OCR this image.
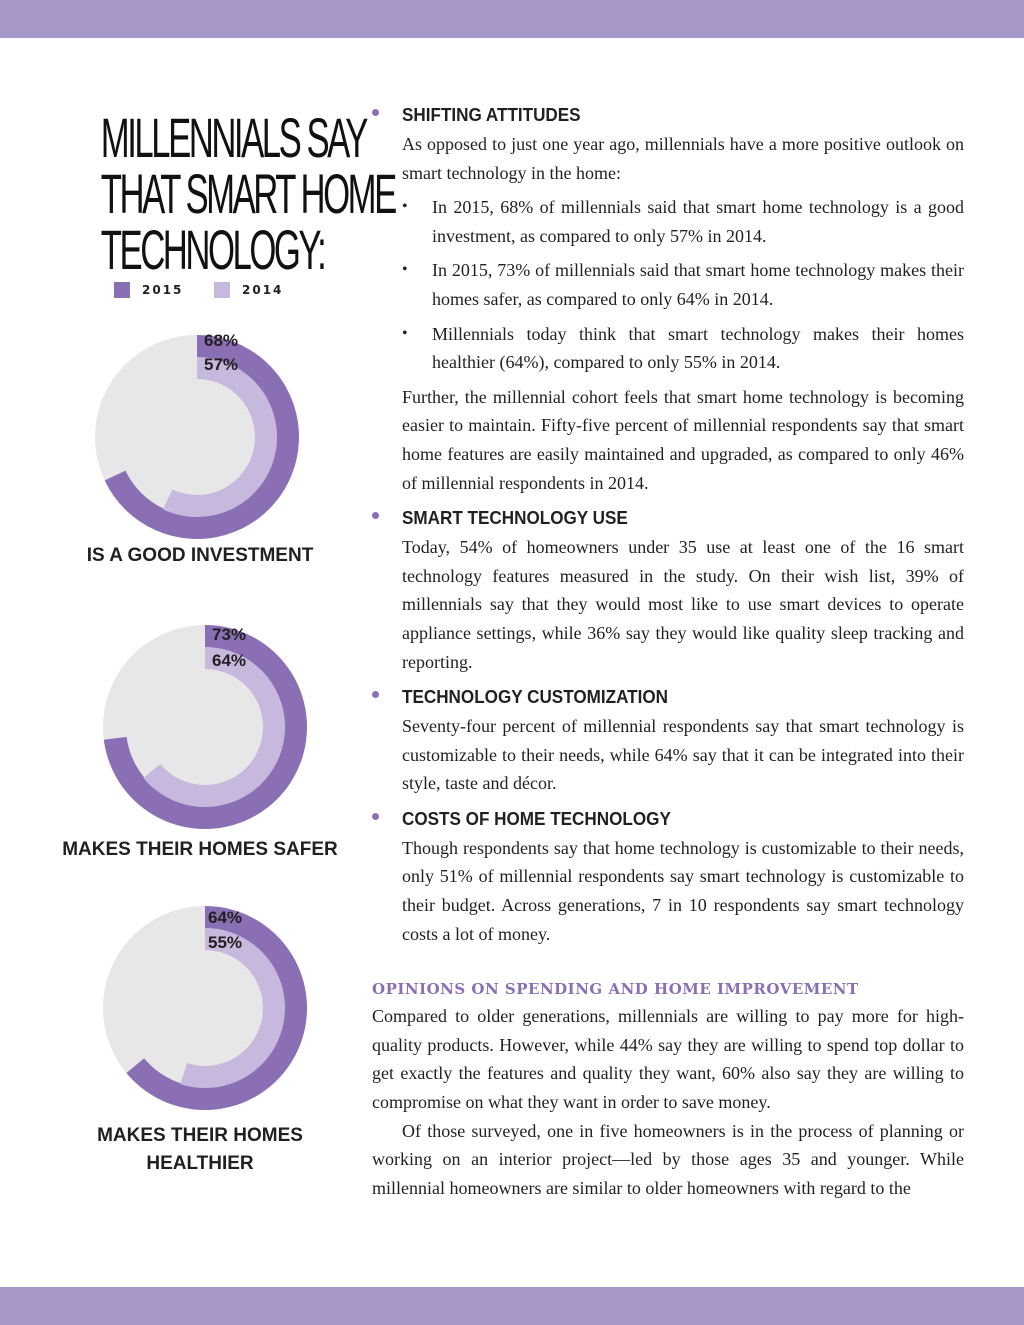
MILLENNIALS SAY
THAT SMART HOME
TECHNOLOGY:
2015	2014
68%
57%
IS A GOOD INVESTMENT
73%
64%
MAKES THEIR HOMES SAFER
64%
55%
MAKES THEIR HOMES
HEALTHIER
SHIFTING ATTITUDES

As opposed to just one year ago, millennials have a more positive outlook on smart technology in the home:

• In 2015, 68% of millennials said that smart home technology is a good investment, as compared to only 57% in 2014.
• In 2015, 73% of millennials said that smart home technology makes their homes safer, as compared to only 64% in 2014.
• Millennials today think that smart technology makes their homes healthier (64%), compared to only 55% in 2014.

Further, the millennial cohort feels that smart home technology is becoming easier to maintain. Fifty-five percent of millennial respondents say that smart home features are easily maintained and upgraded, as compared to only 46% of millennial respondents in 2014.

SMART TECHNOLOGY USE

Today, 54% of homeowners under 35 use at least one of the 16 smart technology features measured in the study. On their wish list, 39% of millennials say that they would most like to use smart devices to operate appliance settings, while 36% say they would like quality sleep tracking and reporting.

TECHNOLOGY CUSTOMIZATION

Seventy-four percent of millennial respondents say that smart technology is customizable to their needs, while 64% say that it can be integrated into their style, taste and décor.

COSTS OF HOME TECHNOLOGY

Though respondents say that home technology is customizable to their needs, only 51% of millennial respondents say smart technology is customizable to their budget. Across generations, 7 in 10 respondents say smart technology costs a lot of money.

OPINIONS ON SPENDING AND HOME IMPROVEMENT

Compared to older generations, millennials are willing to pay more for high-quality products. However, while 44% say they are willing to spend top dollar to get exactly the features and quality they want, 60% also say they are willing to compromise on what they want in order to save money.

Of those surveyed, one in five homeowners is in the process of planning or working on an interior project—led by those ages 35 and younger. While millennial homeowners are similar to older homeowners with regard to the
